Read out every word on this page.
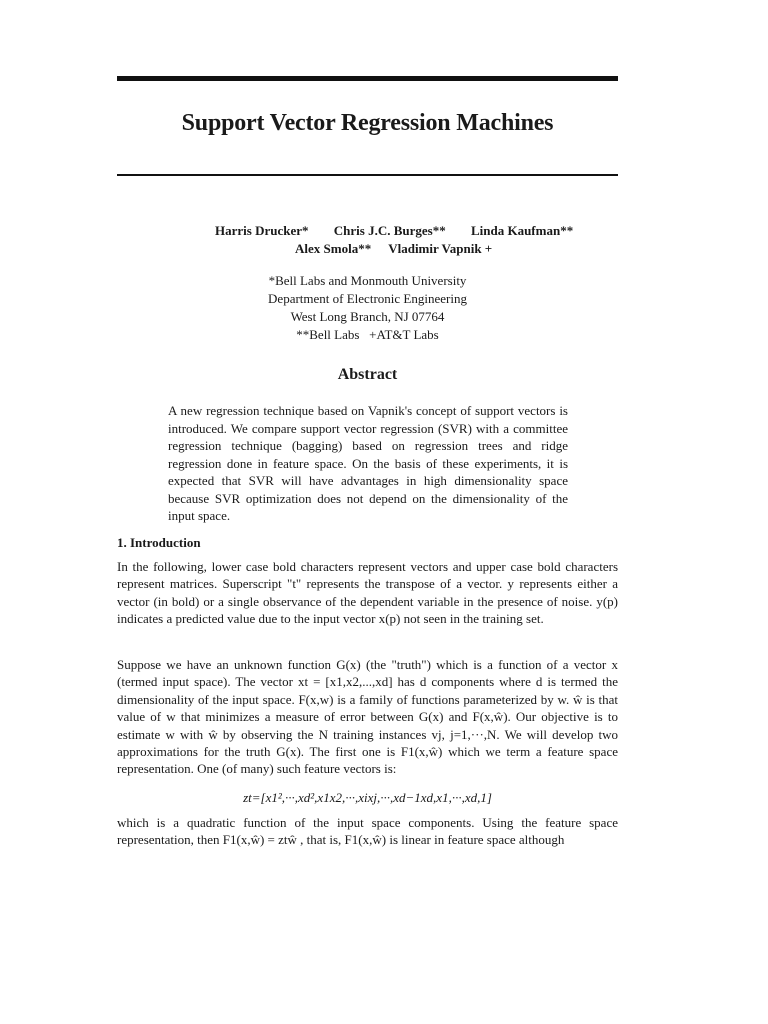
Support Vector Regression Machines
Harris Drucker* Chris J.C. Burges** Linda Kaufman**
Alex Smola** Vladimir Vapnik +
*Bell Labs and Monmouth University
Department of Electronic Engineering
West Long Branch, NJ 07764
**Bell Labs   +AT&T Labs
Abstract
A new regression technique based on Vapnik's concept of support vectors is introduced. We compare support vector regression (SVR) with a committee regression technique (bagging) based on regression trees and ridge regression done in feature space. On the basis of these experiments, it is expected that SVR will have advantages in high dimensionality space because SVR optimization does not depend on the dimensionality of the input space.
1. Introduction
In the following, lower case bold characters represent vectors and upper case bold characters represent matrices. Superscript "t" represents the transpose of a vector. y represents either a vector (in bold) or a single observance of the dependent variable in the presence of noise. y(p) indicates a predicted value due to the input vector x(p) not seen in the training set.
Suppose we have an unknown function G(x) (the "truth") which is a function of a vector x (termed input space). The vector xt = [x1,x2,...,xd] has d components where d is termed the dimensionality of the input space. F(x,w) is a family of functions parameterized by w. ŵ is that value of w that minimizes a measure of error between G(x) and F(x,ŵ). Our objective is to estimate w with ŵ by observing the N training instances vj, j=1,···,N. We will develop two approximations for the truth G(x). The first one is F1(x,ŵ) which we term a feature space representation. One (of many) such feature vectors is:
zt=[x1²,···,xd²,x1x2,···,xixj,···,xd−1xd,x1,···,xd,1]
which is a quadratic function of the input space components. Using the feature space representation, then F1(x,ŵ) = ztŵ , that is, F1(x,ŵ) is linear in feature space although
